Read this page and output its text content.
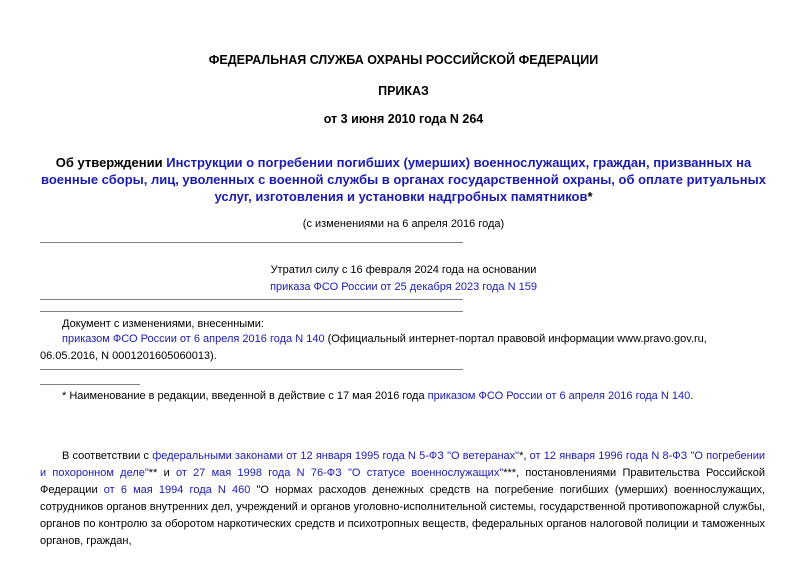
ФЕДЕРАЛЬНАЯ СЛУЖБА ОХРАНЫ РОССИЙСКОЙ ФЕДЕРАЦИИ
ПРИКАЗ
от 3 июня 2010 года N 264
Об утверждении Инструкции о погребении погибших (умерших) военнослужащих, граждан, призванных на военные сборы, лиц, уволенных с военной службы в органах государственной охраны, об оплате ритуальных услуг, изготовления и установки надгробных памятников*
(с изменениями на 6 апреля 2016 года)
Утратил силу с 16 февраля 2024 года на основании
приказа ФСО России от 25 декабря 2023 года N 159
Документ с изменениями, внесенными:
приказом ФСО России от 6 апреля 2016 года N 140 (Официальный интернет-портал правовой информации www.pravo.gov.ru, 06.05.2016, N 0001201605060013).
* Наименование в редакции, введенной в действие с 17 мая 2016 года приказом ФСО России от 6 апреля 2016 года N 140.
В соответствии с федеральными законами от 12 января 1995 года N 5-ФЗ "О ветеранах"*, от 12 января 1996 года N 8-ФЗ "О погребении и похоронном деле"** и от 27 мая 1998 года N 76-ФЗ "О статусе военнослужащих"***, постановлениями Правительства Российской Федерации от 6 мая 1994 года N 460 "О нормах расходов денежных средств на погребение погибших (умерших) военнослужащих, сотрудников органов внутренних дел, учреждений и органов уголовно-исполнительной системы, государственной противопожарной службы, органов по контролю за оборотом наркотических средств и психотропных веществ, федеральных органов налоговой полиции и таможенных органов, граждан,
